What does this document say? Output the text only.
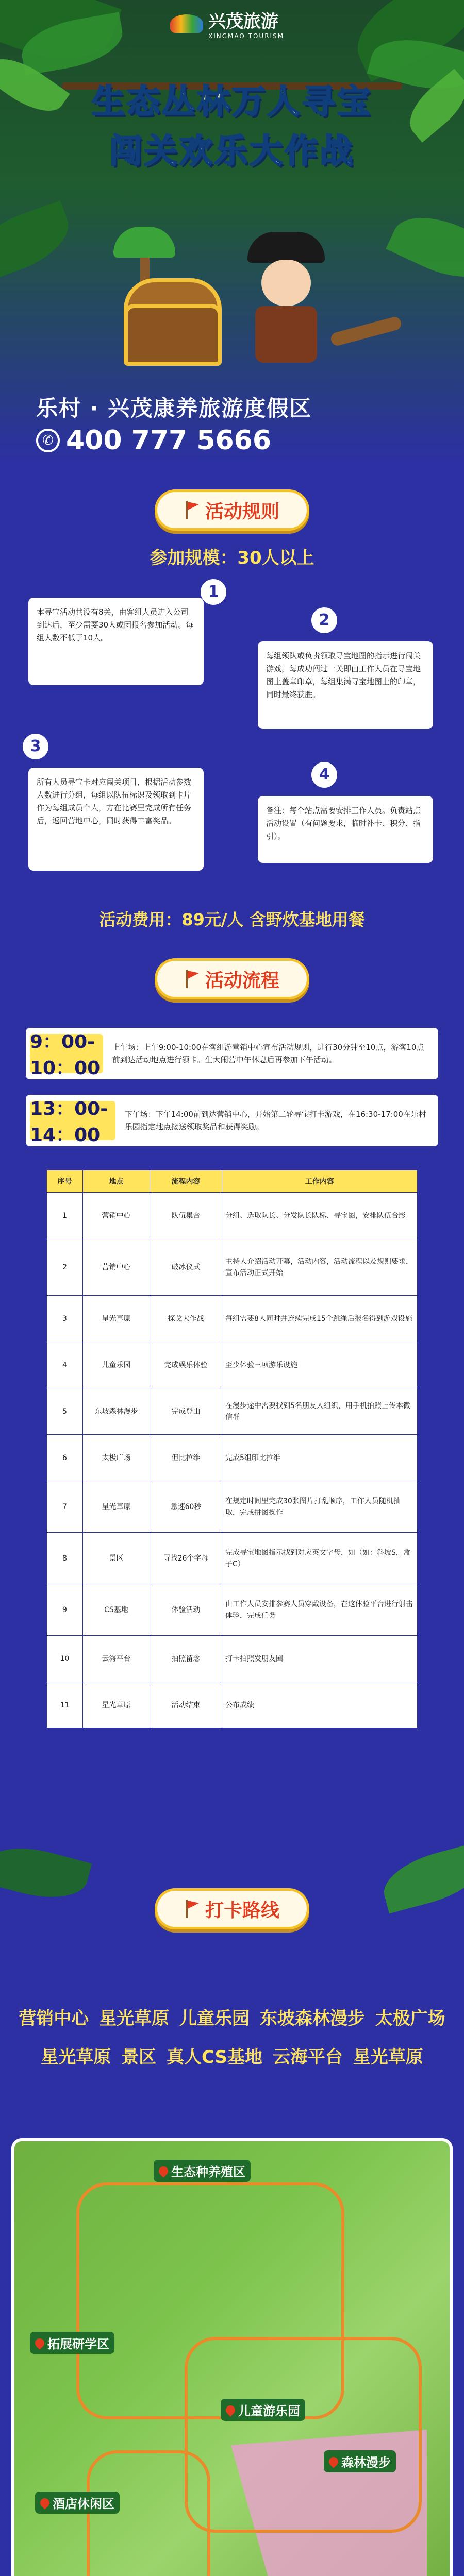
兴茂旅游
XINGMAO TOURISM
生态丛林万人寻宝
闯关欢乐大作战
乐村 · 兴茂康养旅游度假区
✆ 400 777 5666
活动规则
参加规模：30人以上
1
本寻宝活动共设有8关，由客组人员进入公司到达后，至少需要30人或团报名参加活动。每组人数不低于10人。
2
每组领队或负责领取寻宝地图的指示进行闯关游戏，每成功闯过一关即由工作人员在寻宝地图上盖章印章，每组集满寻宝地图上的印章，同时最终获胜。
3
所有人员寻宝卡对应闯关项目，根据活动参数人数进行分组，每组以队伍标识及领取到卡片作为每组成员个人，方在比赛里完成所有任务后，返回营地中心，同时获得丰富奖品。
4
备注：每个站点需要安排工作人员。负责站点活动设置（有问题要求，临时补卡、积分、指引）。
活动费用：89元/人 含野炊基地用餐
活动流程
9：00-10：00
上午场：上午9:00-10:00在客组游营销中心宣布活动规则，进行30分钟至10点，游客10点前到达活动地点进行领卡。生大闹营中午休息后再参加下午活动。
13：00-14：00
下午场：下午14:00前到达营销中心，开始第二轮寻宝打卡游戏，在16:30-17:00在乐村乐园指定地点接送领取奖品和获得奖励。
序号	地点	流程内容	工作内容
1	营销中心	队伍集合	分组、选取队长、分发队长队标、寻宝图，安排队伍合影
2	营销中心	破冰仪式	主持人介绍活动开幕，活动内容，活动流程以及规则要求，宣布活动正式开始
3	星光草原	探戈大作战	每组需要8人同时并连续完成15个跳绳后报名得到游戏设施
4	儿童乐园	完成娱乐体验	至少体验三项游乐设施
5	东坡森林漫步	完成登山	在漫步途中需要找到5名朋友人组织，用手机拍照上传本微信群
6	太极广场	但比拉维	完成5组印比拉维
7	星光草原	急速60秒	在规定时间里完成30张图片打乱顺序，工作人员随机抽取，完成拼图操作
8	景区	寻找26个字母	完成寻宝地图指示找到对应英文字母，如（如：斜坡S，盒子C）
9	CS基地	体验活动	由工作人员安排参赛人员穿戴设备，在这体验平台进行射击体验，完成任务
10	云海平台	拍照留念	打卡拍照发朋友圈
11	星光草原	活动结束	公布成绩
打卡路线
营销中心 星光草原 儿童乐园 东坡森林漫步 太极广场
星光草原 景区 真人CS基地 云海平台 星光草原
生态种养殖区
拓展研学区
儿童游乐园
森林漫步
酒店休闲区
